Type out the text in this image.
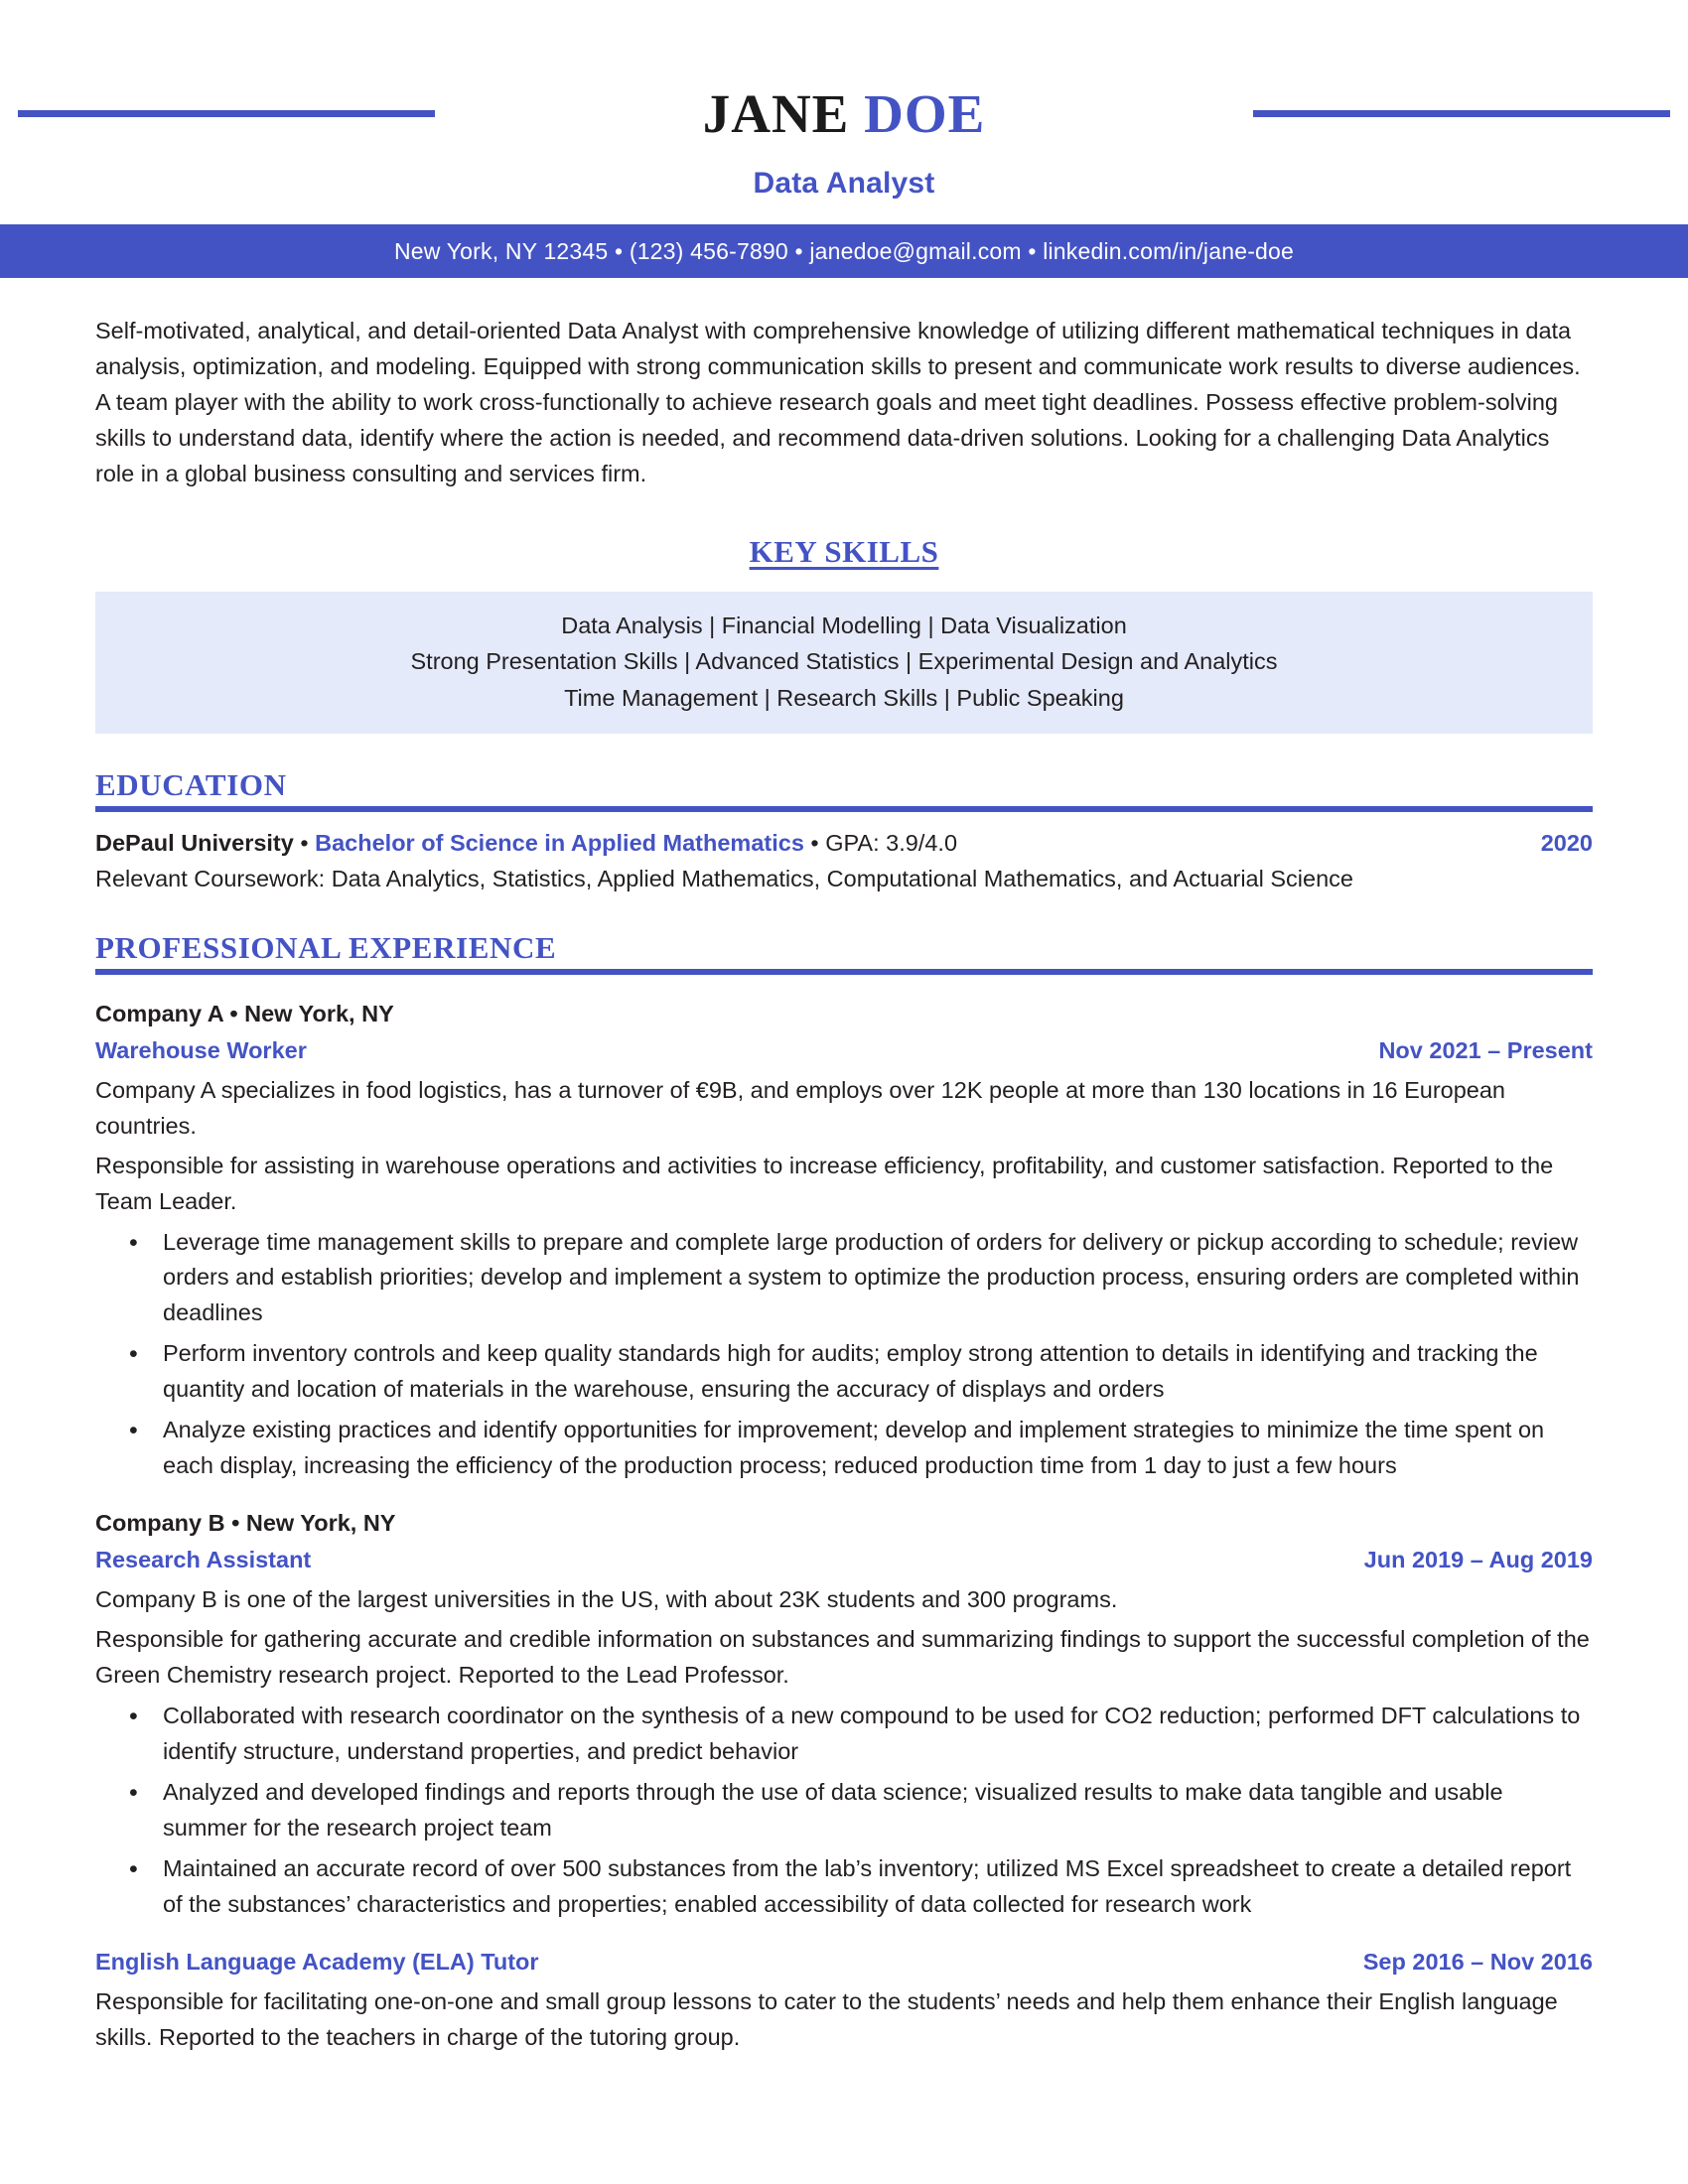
JANE DOE
Data Analyst
New York, NY 12345 • (123) 456-7890 • janedoe@gmail.com • linkedin.com/in/jane-doe
Self-motivated, analytical, and detail-oriented Data Analyst with comprehensive knowledge of utilizing different mathematical techniques in data analysis, optimization, and modeling. Equipped with strong communication skills to present and communicate work results to diverse audiences. A team player with the ability to work cross-functionally to achieve research goals and meet tight deadlines. Possess effective problem-solving skills to understand data, identify where the action is needed, and recommend data-driven solutions. Looking for a challenging Data Analytics role in a global business consulting and services firm.
KEY SKILLS
Data Analysis | Financial Modelling | Data Visualization
Strong Presentation Skills | Advanced Statistics | Experimental Design and Analytics
Time Management | Research Skills | Public Speaking
EDUCATION
DePaul University • Bachelor of Science in Applied Mathematics • GPA: 3.9/4.0	2020
Relevant Coursework: Data Analytics, Statistics, Applied Mathematics, Computational Mathematics, and Actuarial Science
PROFESSIONAL EXPERIENCE
Company A • New York, NY
Warehouse Worker	Nov 2021 – Present
Company A specializes in food logistics, has a turnover of €9B, and employs over 12K people at more than 130 locations in 16 European countries.
Responsible for assisting in warehouse operations and activities to increase efficiency, profitability, and customer satisfaction. Reported to the Team Leader.
• Leverage time management skills to prepare and complete large production of orders for delivery or pickup according to schedule; review orders and establish priorities; develop and implement a system to optimize the production process, ensuring orders are completed within deadlines
• Perform inventory controls and keep quality standards high for audits; employ strong attention to details in identifying and tracking the quantity and location of materials in the warehouse, ensuring the accuracy of displays and orders
• Analyze existing practices and identify opportunities for improvement; develop and implement strategies to minimize the time spent on each display, increasing the efficiency of the production process; reduced production time from 1 day to just a few hours
Company B • New York, NY
Research Assistant	Jun 2019 – Aug 2019
Company B is one of the largest universities in the US, with about 23K students and 300 programs.
Responsible for gathering accurate and credible information on substances and summarizing findings to support the successful completion of the Green Chemistry research project. Reported to the Lead Professor.
• Collaborated with research coordinator on the synthesis of a new compound to be used for CO2 reduction; performed DFT calculations to identify structure, understand properties, and predict behavior
• Analyzed and developed findings and reports through the use of data science; visualized results to make data tangible and usable summer for the research project team
• Maintained an accurate record of over 500 substances from the lab’s inventory; utilized MS Excel spreadsheet to create a detailed report of the substances’ characteristics and properties; enabled accessibility of data collected for research work
English Language Academy (ELA) Tutor	Sep 2016 – Nov 2016
Responsible for facilitating one-on-one and small group lessons to cater to the students’ needs and help them enhance their English language skills. Reported to the teachers in charge of the tutoring group.
